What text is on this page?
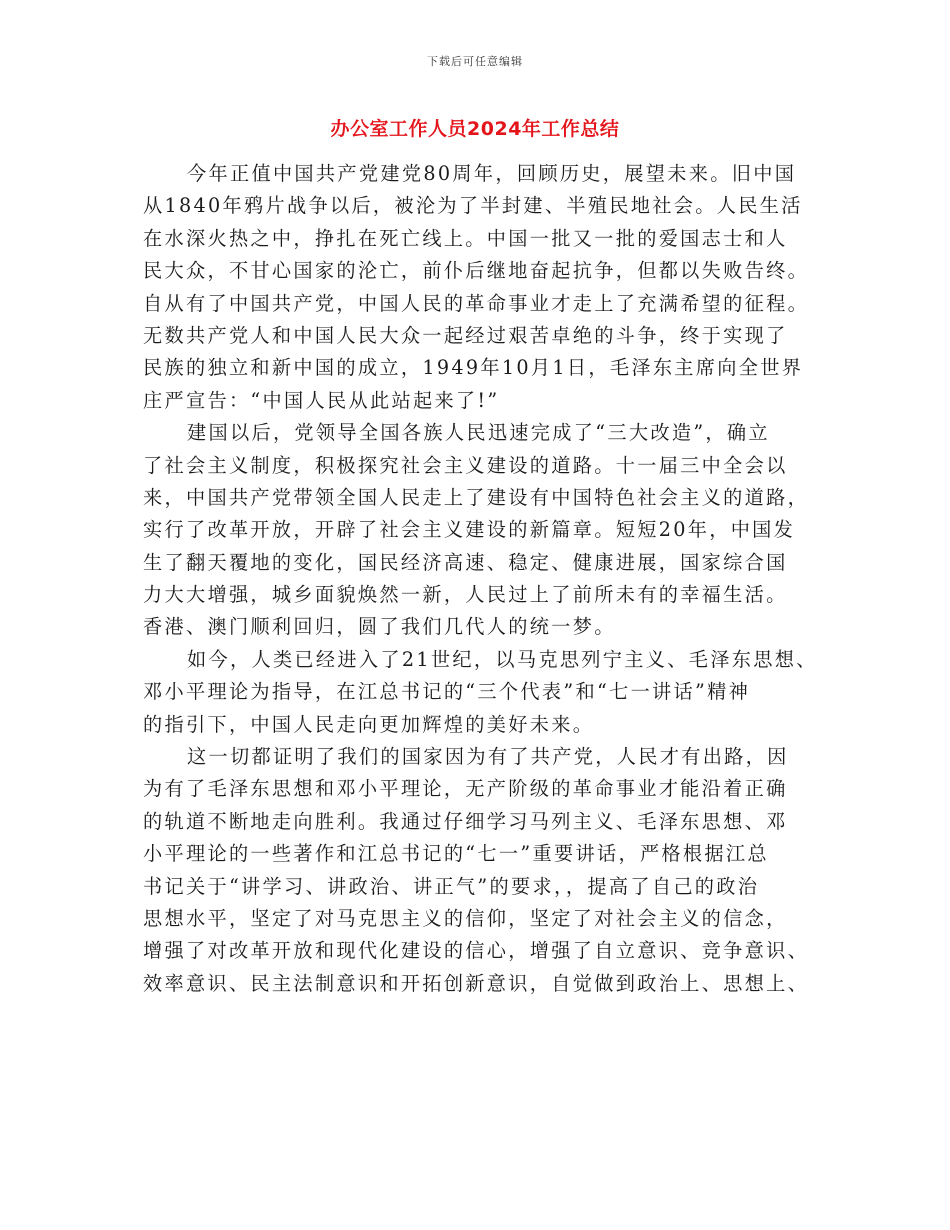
下载后可任意编辑
办公室工作人员2024年工作总结
今年正值中国共产党建党80周年，回顾历史，展望未来。旧中国
从1840年鸦片战争以后，被沦为了半封建、半殖民地社会。人民生活
在水深火热之中，挣扎在死亡线上。中国一批又一批的爱国志士和人
民大众，不甘心国家的沦亡，前仆后继地奋起抗争，但都以失败告终。
自从有了中国共产党，中国人民的革命事业才走上了充满希望的征程。
无数共产党人和中国人民大众一起经过艰苦卓绝的斗争，终于实现了
民族的独立和新中国的成立，1949年10月1日，毛泽东主席向全世界
庄严宣告：“中国人民从此站起来了!”
建国以后，党领导全国各族人民迅速完成了“三大改造”，确立
了社会主义制度，积极探究社会主义建设的道路。十一届三中全会以
来，中国共产党带领全国人民走上了建设有中国特色社会主义的道路，
实行了改革开放，开辟了社会主义建设的新篇章。短短20年，中国发
生了翻天覆地的变化，国民经济高速、稳定、健康进展，国家综合国
力大大增强，城乡面貌焕然一新，人民过上了前所未有的幸福生活。
香港、澳门顺利回归，圆了我们几代人的统一梦。
如今，人类已经进入了21世纪，以马克思列宁主义、毛泽东思想、
邓小平理论为指导，在江总书记的“三个代表”和“七一讲话”精神
的指引下，中国人民走向更加辉煌的美好未来。
这一切都证明了我们的国家因为有了共产党，人民才有出路，因
为有了毛泽东思想和邓小平理论，无产阶级的革命事业才能沿着正确
的轨道不断地走向胜利。我通过仔细学习马列主义、毛泽东思想、邓
小平理论的一些著作和江总书记的“七一”重要讲话，严格根据江总
书记关于“讲学习、讲政治、讲正气”的要求，，提高了自己的政治
思想水平，坚定了对马克思主义的信仰，坚定了对社会主义的信念，
增强了对改革开放和现代化建设的信心，增强了自立意识、竞争意识、
效率意识、民主法制意识和开拓创新意识，自觉做到政治上、思想上、
